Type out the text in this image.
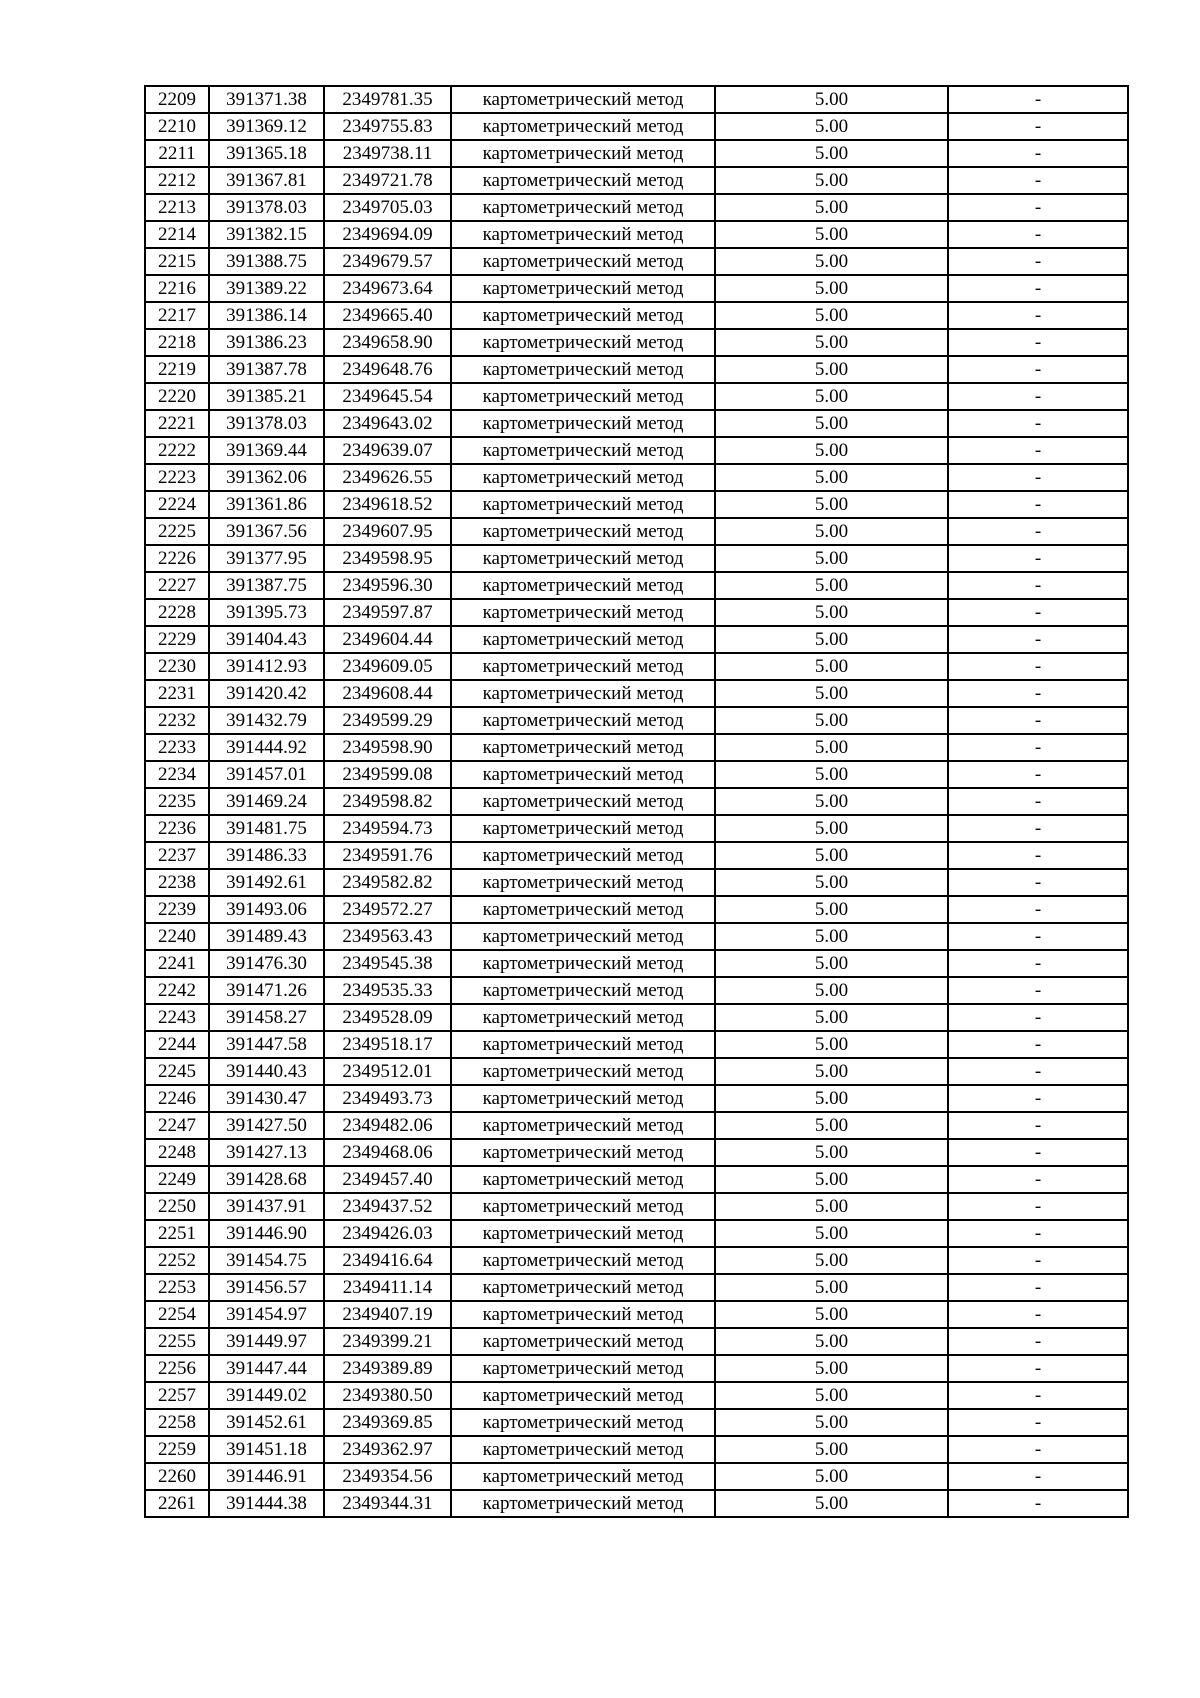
2209	391371.38	2349781.35	картометрический метод	5.00	-
2210	391369.12	2349755.83	картометрический метод	5.00	-
2211	391365.18	2349738.11	картометрический метод	5.00	-
2212	391367.81	2349721.78	картометрический метод	5.00	-
2213	391378.03	2349705.03	картометрический метод	5.00	-
2214	391382.15	2349694.09	картометрический метод	5.00	-
2215	391388.75	2349679.57	картометрический метод	5.00	-
2216	391389.22	2349673.64	картометрический метод	5.00	-
2217	391386.14	2349665.40	картометрический метод	5.00	-
2218	391386.23	2349658.90	картометрический метод	5.00	-
2219	391387.78	2349648.76	картометрический метод	5.00	-
2220	391385.21	2349645.54	картометрический метод	5.00	-
2221	391378.03	2349643.02	картометрический метод	5.00	-
2222	391369.44	2349639.07	картометрический метод	5.00	-
2223	391362.06	2349626.55	картометрический метод	5.00	-
2224	391361.86	2349618.52	картометрический метод	5.00	-
2225	391367.56	2349607.95	картометрический метод	5.00	-
2226	391377.95	2349598.95	картометрический метод	5.00	-
2227	391387.75	2349596.30	картометрический метод	5.00	-
2228	391395.73	2349597.87	картометрический метод	5.00	-
2229	391404.43	2349604.44	картометрический метод	5.00	-
2230	391412.93	2349609.05	картометрический метод	5.00	-
2231	391420.42	2349608.44	картометрический метод	5.00	-
2232	391432.79	2349599.29	картометрический метод	5.00	-
2233	391444.92	2349598.90	картометрический метод	5.00	-
2234	391457.01	2349599.08	картометрический метод	5.00	-
2235	391469.24	2349598.82	картометрический метод	5.00	-
2236	391481.75	2349594.73	картометрический метод	5.00	-
2237	391486.33	2349591.76	картометрический метод	5.00	-
2238	391492.61	2349582.82	картометрический метод	5.00	-
2239	391493.06	2349572.27	картометрический метод	5.00	-
2240	391489.43	2349563.43	картометрический метод	5.00	-
2241	391476.30	2349545.38	картометрический метод	5.00	-
2242	391471.26	2349535.33	картометрический метод	5.00	-
2243	391458.27	2349528.09	картометрический метод	5.00	-
2244	391447.58	2349518.17	картометрический метод	5.00	-
2245	391440.43	2349512.01	картометрический метод	5.00	-
2246	391430.47	2349493.73	картометрический метод	5.00	-
2247	391427.50	2349482.06	картометрический метод	5.00	-
2248	391427.13	2349468.06	картометрический метод	5.00	-
2249	391428.68	2349457.40	картометрический метод	5.00	-
2250	391437.91	2349437.52	картометрический метод	5.00	-
2251	391446.90	2349426.03	картометрический метод	5.00	-
2252	391454.75	2349416.64	картометрический метод	5.00	-
2253	391456.57	2349411.14	картометрический метод	5.00	-
2254	391454.97	2349407.19	картометрический метод	5.00	-
2255	391449.97	2349399.21	картометрический метод	5.00	-
2256	391447.44	2349389.89	картометрический метод	5.00	-
2257	391449.02	2349380.50	картометрический метод	5.00	-
2258	391452.61	2349369.85	картометрический метод	5.00	-
2259	391451.18	2349362.97	картометрический метод	5.00	-
2260	391446.91	2349354.56	картометрический метод	5.00	-
2261	391444.38	2349344.31	картометрический метод	5.00	-
